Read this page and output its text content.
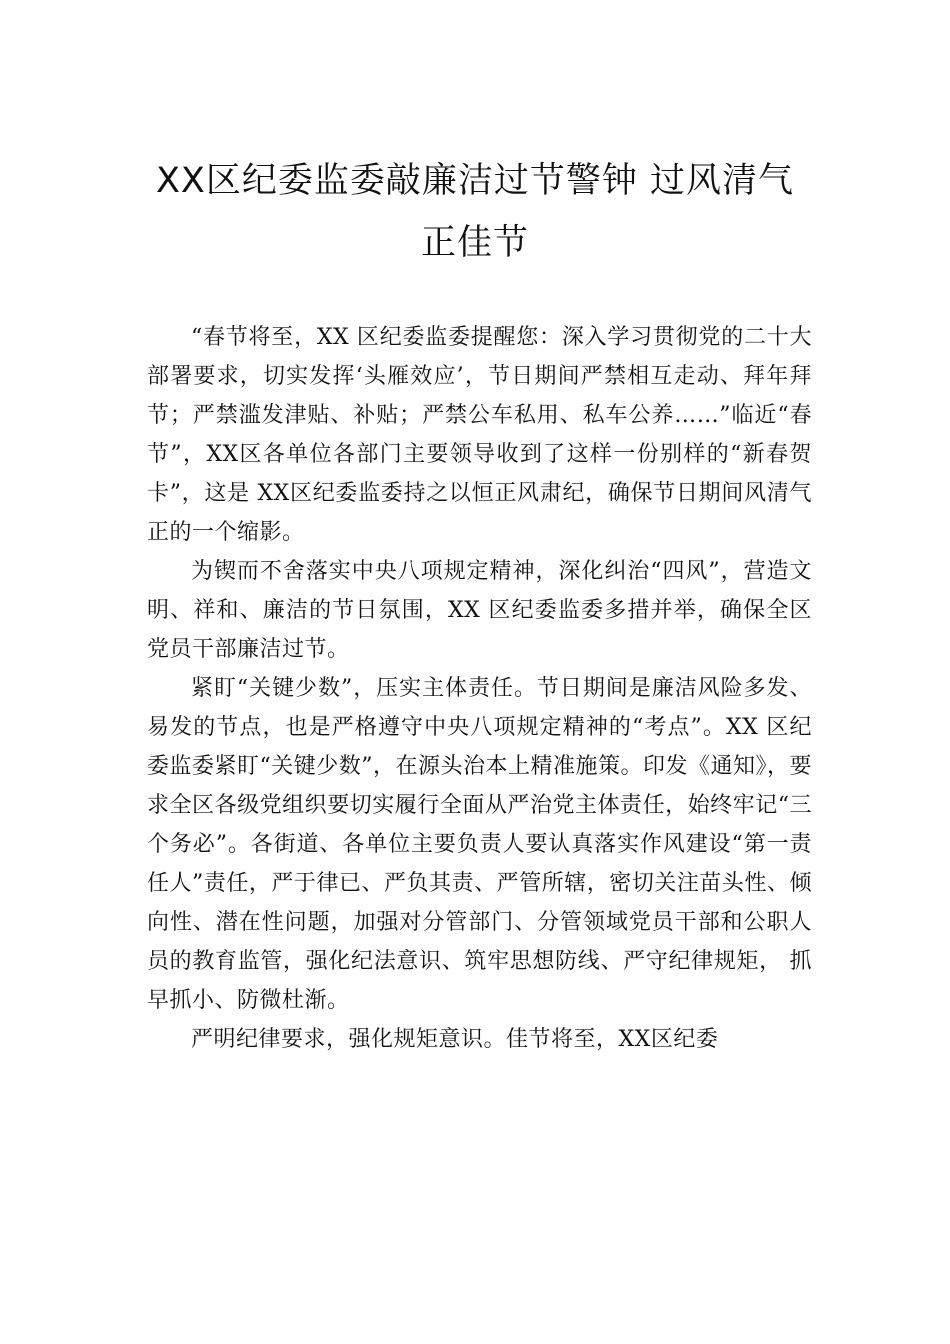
XX区纪委监委敲廉洁过节警钟 过风清气
正佳节

“春节将至，XX 区纪委监委提醒您：深入学习贯彻党的二十大部署要求，切实发挥‘头雁效应’，节日期间严禁相互走动、拜年拜节；严禁滥发津贴、补贴；严禁公车私用、私车公养……”临近“春节”，XX区各单位各部门主要领导收到了这样一份别样的“新春贺卡”，这是 XX区纪委监委持之以恒正风肃纪，确保节日期间风清气正的一个缩影。

为锲而不舍落实中央八项规定精神，深化纠治“四风”，营造文明、祥和、廉洁的节日氛围，XX 区纪委监委多措并举，确保全区党员干部廉洁过节。

紧盯“关键少数”，压实主体责任。节日期间是廉洁风险多发、易发的节点，也是严格遵守中央八项规定精神的“考点”。XX 区纪委监委紧盯“关键少数”，在源头治本上精准施策。印发《通知》，要求全区各级党组织要切实履行全面从严治党主体责任，始终牢记“三个务必”。各街道、各单位主要负责人要认真落实作风建设“第一责任人”责任，严于律已、严负其责、严管所辖，密切关注苗头性、倾向性、潜在性问题，加强对分管部门、分管领域党员干部和公职人员的教育监管，强化纪法意识、筑牢思想防线、严守纪律规矩， 抓早抓小、防微杜渐。

严明纪律要求，强化规矩意识。佳节将至，XX区纪委
